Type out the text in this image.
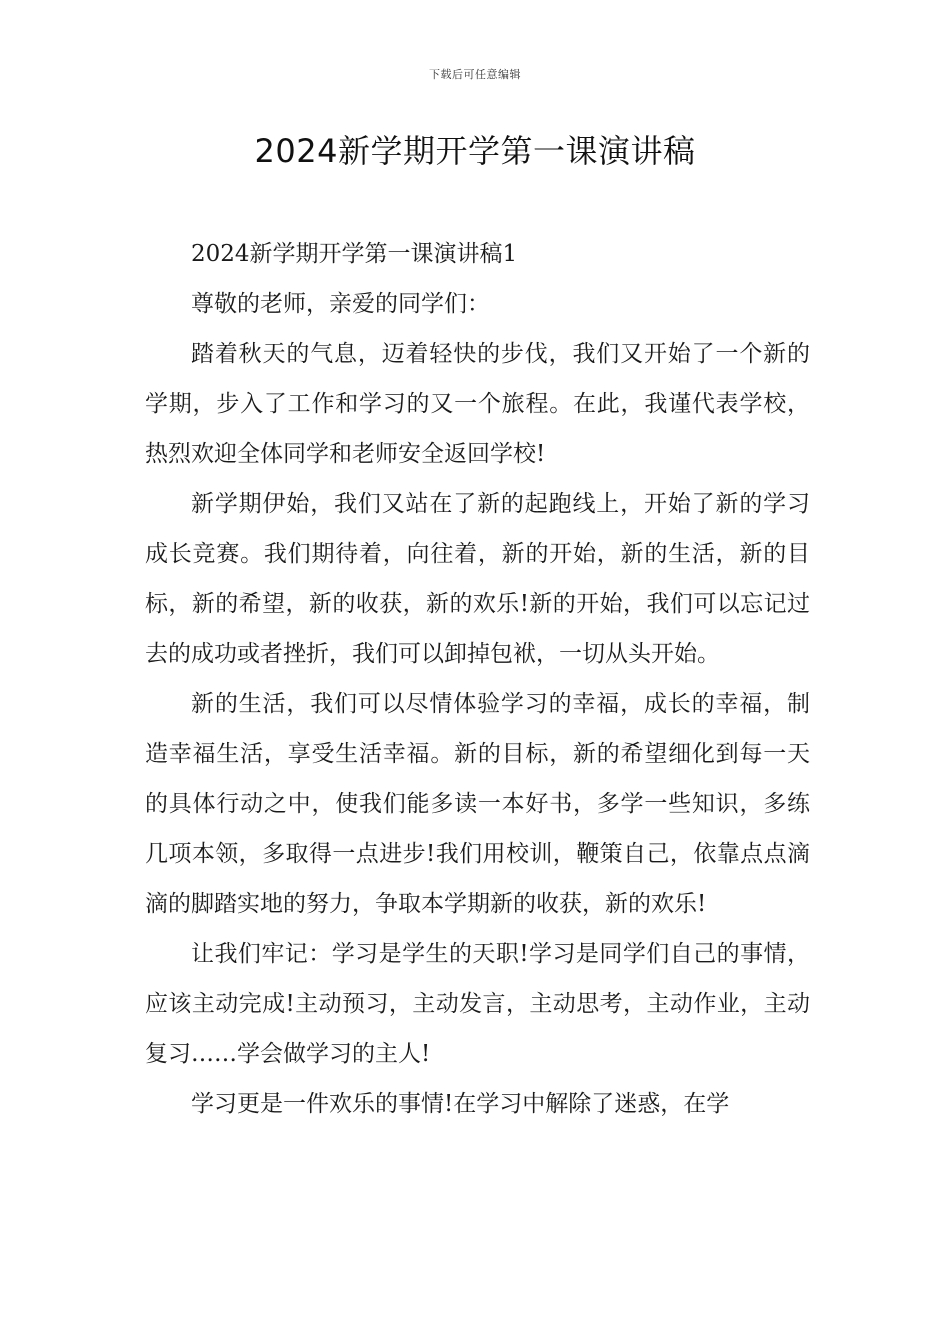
下载后可任意编辑
2024新学期开学第一课演讲稿

2024新学期开学第一课演讲稿1

尊敬的老师，亲爱的同学们：

踏着秋天的气息，迈着轻快的步伐，我们又开始了一个新的学期，步入了工作和学习的又一个旅程。在此，我谨代表学校，热烈欢迎全体同学和老师安全返回学校!

新学期伊始，我们又站在了新的起跑线上，开始了新的学习成长竞赛。我们期待着，向往着，新的开始，新的生活，新的目标，新的希望，新的收获，新的欢乐!新的开始，我们可以忘记过去的成功或者挫折，我们可以卸掉包袱，一切从头开始。

新的生活，我们可以尽情体验学习的幸福，成长的幸福，制造幸福生活，享受生活幸福。新的目标，新的希望细化到每一天的具体行动之中，使我们能多读一本好书，多学一些知识，多练几项本领，多取得一点进步!我们用校训，鞭策自己，依靠点点滴滴的脚踏实地的努力，争取本学期新的收获，新的欢乐!

让我们牢记：学习是学生的天职!学习是同学们自己的事情，应该主动完成!主动预习，主动发言，主动思考，主动作业，主动复习……学会做学习的主人!

学习更是一件欢乐的事情!在学习中解除了迷惑，在学
